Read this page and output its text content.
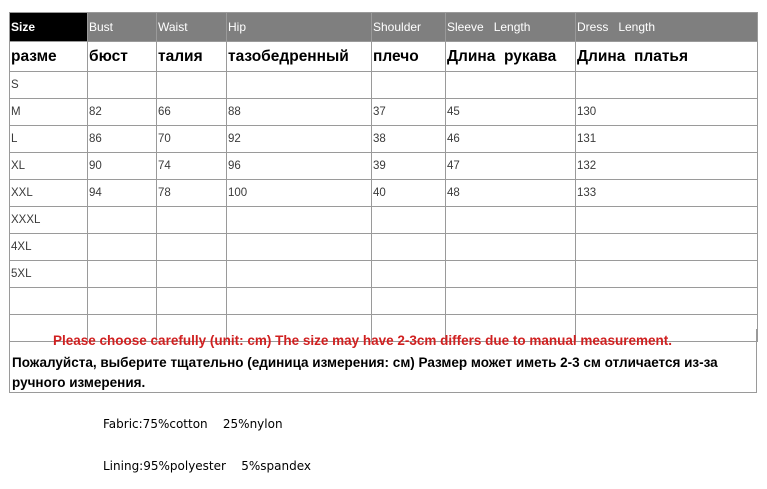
Size	Bust	Waist	Hip	Shoulder	Sleeve   Length	Dress   Length
разме	бюст	талия	тазобедренный	плечо	Длина  рукава	Длина  платья
S						
M	82	66	88	37	45	130
L	86	70	92	38	46	131
XL	90	74	96	39	47	132
XXL	94	78	100	40	48	133
XXXL						
4XL						
5XL						

Please choose carefully (unit: cm) The size may have 2-3cm differs due to manual measurement.
Пожалуйста, выберите тщательно (единица измерения: см) Размер может иметь 2-3 см отличается из-за ручного измерения.
Fabric:75%cotton    25%nylon
Lining:95%polyester    5%spandex
